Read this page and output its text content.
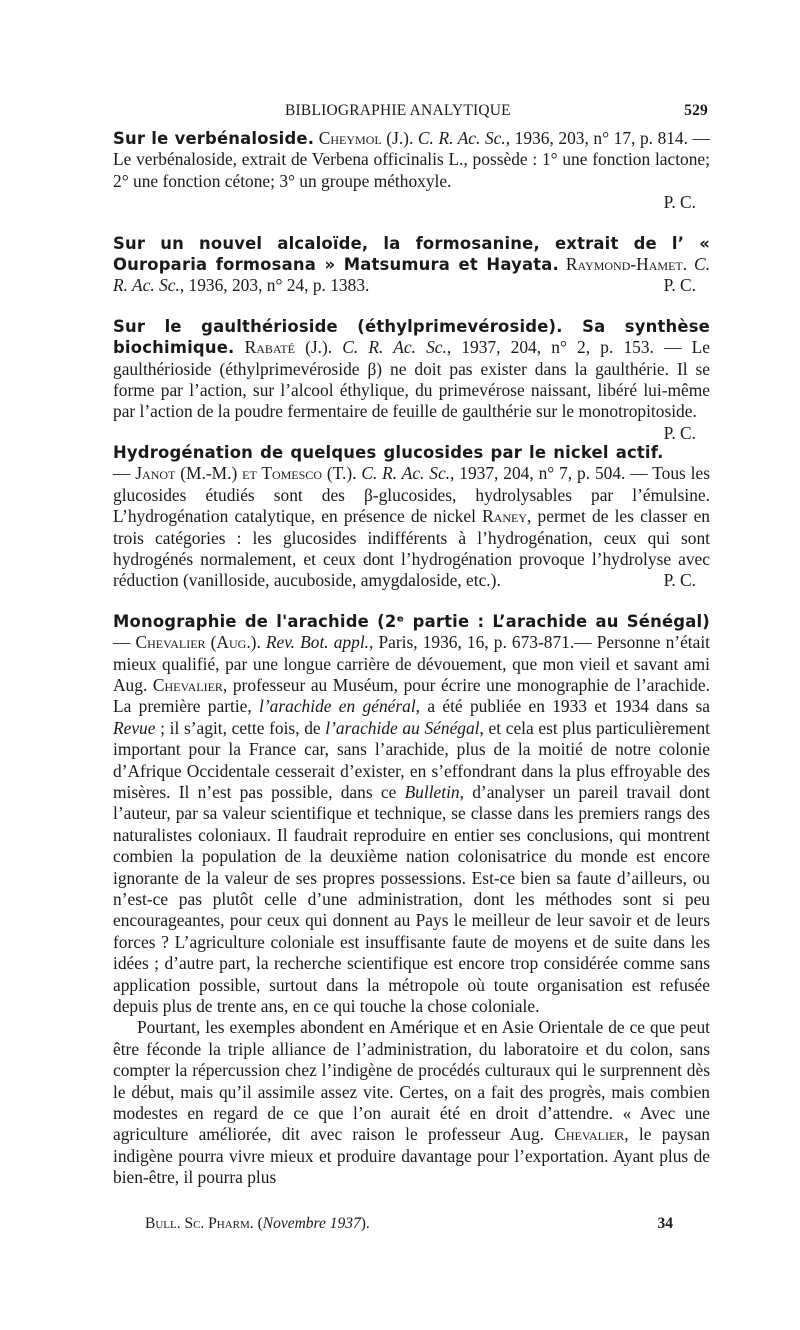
BIBLIOGRAPHIE ANALYTIQUE	529

Sur le verbénaloside. Cheymol (J.). C. R. Ac. Sc., 1936, 203, n° 17, p. 814. — Le verbénaloside, extrait de Verbena officinalis L., possède : 1° une fonction lactone; 2° une fonction cétone; 3° un groupe méthoxyle.

P. C.

Sur un nouvel alcaloïde, la formosanine, extrait de l’ « Ouroparia formosana » Matsumura et Hayata. Raymond-Hamet. C. R. Ac. Sc., 1936, 203, n° 24, p. 1383.	P. C.

Sur le gaulthérioside (éthylprimevéroside). Sa synthèse biochimique. Rabaté (J.). C. R. Ac. Sc., 1937, 204, n° 2, p. 153. — Le gaulthérioside (éthylprimevéroside β) ne doit pas exister dans la gaulthérie. Il se forme par l’action, sur l’alcool éthylique, du primevérose naissant, libéré lui-même par l’action de la poudre fermentaire de feuille de gaulthérie sur le monotropitoside.
P. C.

Hydrogénation de quelques glucosides par le nickel actif. — Janot (M.-M.) et Tomesco (T.). C. R. Ac. Sc., 1937, 204, n° 7, p. 504. — Tous les glucosides étudiés sont des β-glucosides, hydrolysables par l’émulsine. L’hydrogénation catalytique, en présence de nickel Raney, permet de les classer en trois catégories : les glucosides indifférents à l’hydrogénation, ceux qui sont hydrogénés normalement, et ceux dont l’hydrogénation provoque l’hydrolyse avec réduction (vanilloside, aucuboside, amygdaloside, etc.).	P. C.

Monographie de l'arachide (2ᵉ partie : L’arachide au Sénégal) — Chevalier (Aug.). Rev. Bot. appl., Paris, 1936, 16, p. 673-871.— Personne n’était mieux qualifié, par une longue carrière de dévouement, que mon vieil et savant ami Aug. Chevalier, professeur au Muséum, pour écrire une monographie de l’arachide. La première partie, l’arachide en général, a été publiée en 1933 et 1934 dans sa Revue ; il s’agit, cette fois, de l’arachide au Sénégal, et cela est plus particulièrement important pour la France car, sans l’arachide, plus de la moitié de notre colonie d’Afrique Occidentale cesserait d’exister, en s’effondrant dans la plus effroyable des misères. Il n’est pas possible, dans ce Bulletin, d’analyser un pareil travail dont l’auteur, par sa valeur scientifique et technique, se classe dans les premiers rangs des naturalistes coloniaux. Il faudrait reproduire en entier ses conclusions, qui montrent combien la population de la deuxième nation colonisatrice du monde est encore ignorante de la valeur de ses propres possessions. Est-ce bien sa faute d’ailleurs, ou n’est-ce pas plutôt celle d’une administration, dont les méthodes sont si peu encourageantes, pour ceux qui donnent au Pays le meilleur de leur savoir et de leurs forces ? L’agriculture coloniale est insuffisante faute de moyens et de suite dans les idées ; d’autre part, la recherche scientifique est encore trop considérée comme sans application possible, surtout dans la métropole où toute organisation est refusée depuis plus de trente ans, en ce qui touche la chose coloniale.

Pourtant, les exemples abondent en Amérique et en Asie Orientale de ce que peut être féconde la triple alliance de l’administration, du laboratoire et du colon, sans compter la répercussion chez l’indigène de procédés culturaux qui le surprennent dès le début, mais qu’il assimile assez vite. Certes, on a fait des progrès, mais combien modestes en regard de ce que l’on aurait été en droit d’attendre. « Avec une agriculture améliorée, dit avec raison le professeur Aug. Chevalier, le paysan indigène pourra vivre mieux et produire davantage pour l’exportation. Ayant plus de bien-être, il pourra plus

Bull. Sc. Pharm. (Novembre 1937).	34
